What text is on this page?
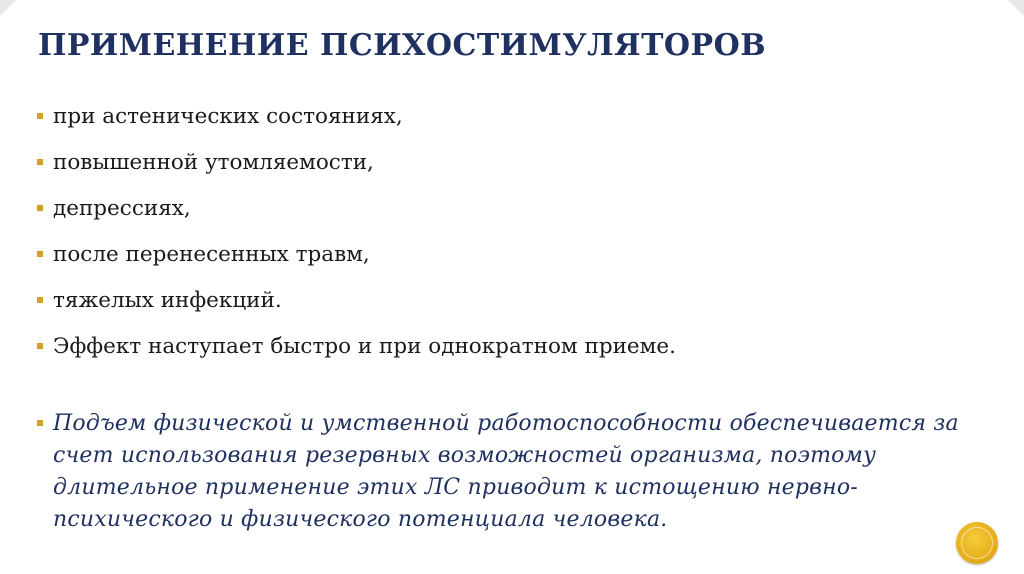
ПРИМЕНЕНИЕ ПСИХОСТИМУЛЯТОРОВ
при астенических состояниях,
повышенной утомляемости,
депрессиях,
после перенесенных травм,
тяжелых инфекций.
Эффект наступает быстро и при однократном приеме.
Подъем физической и умственной работоспособности обеспечивается за счет использования резервных возможностей организма, поэтому длительное применение этих ЛС приводит к истощению нервно-психического и физического потенциала человека.
